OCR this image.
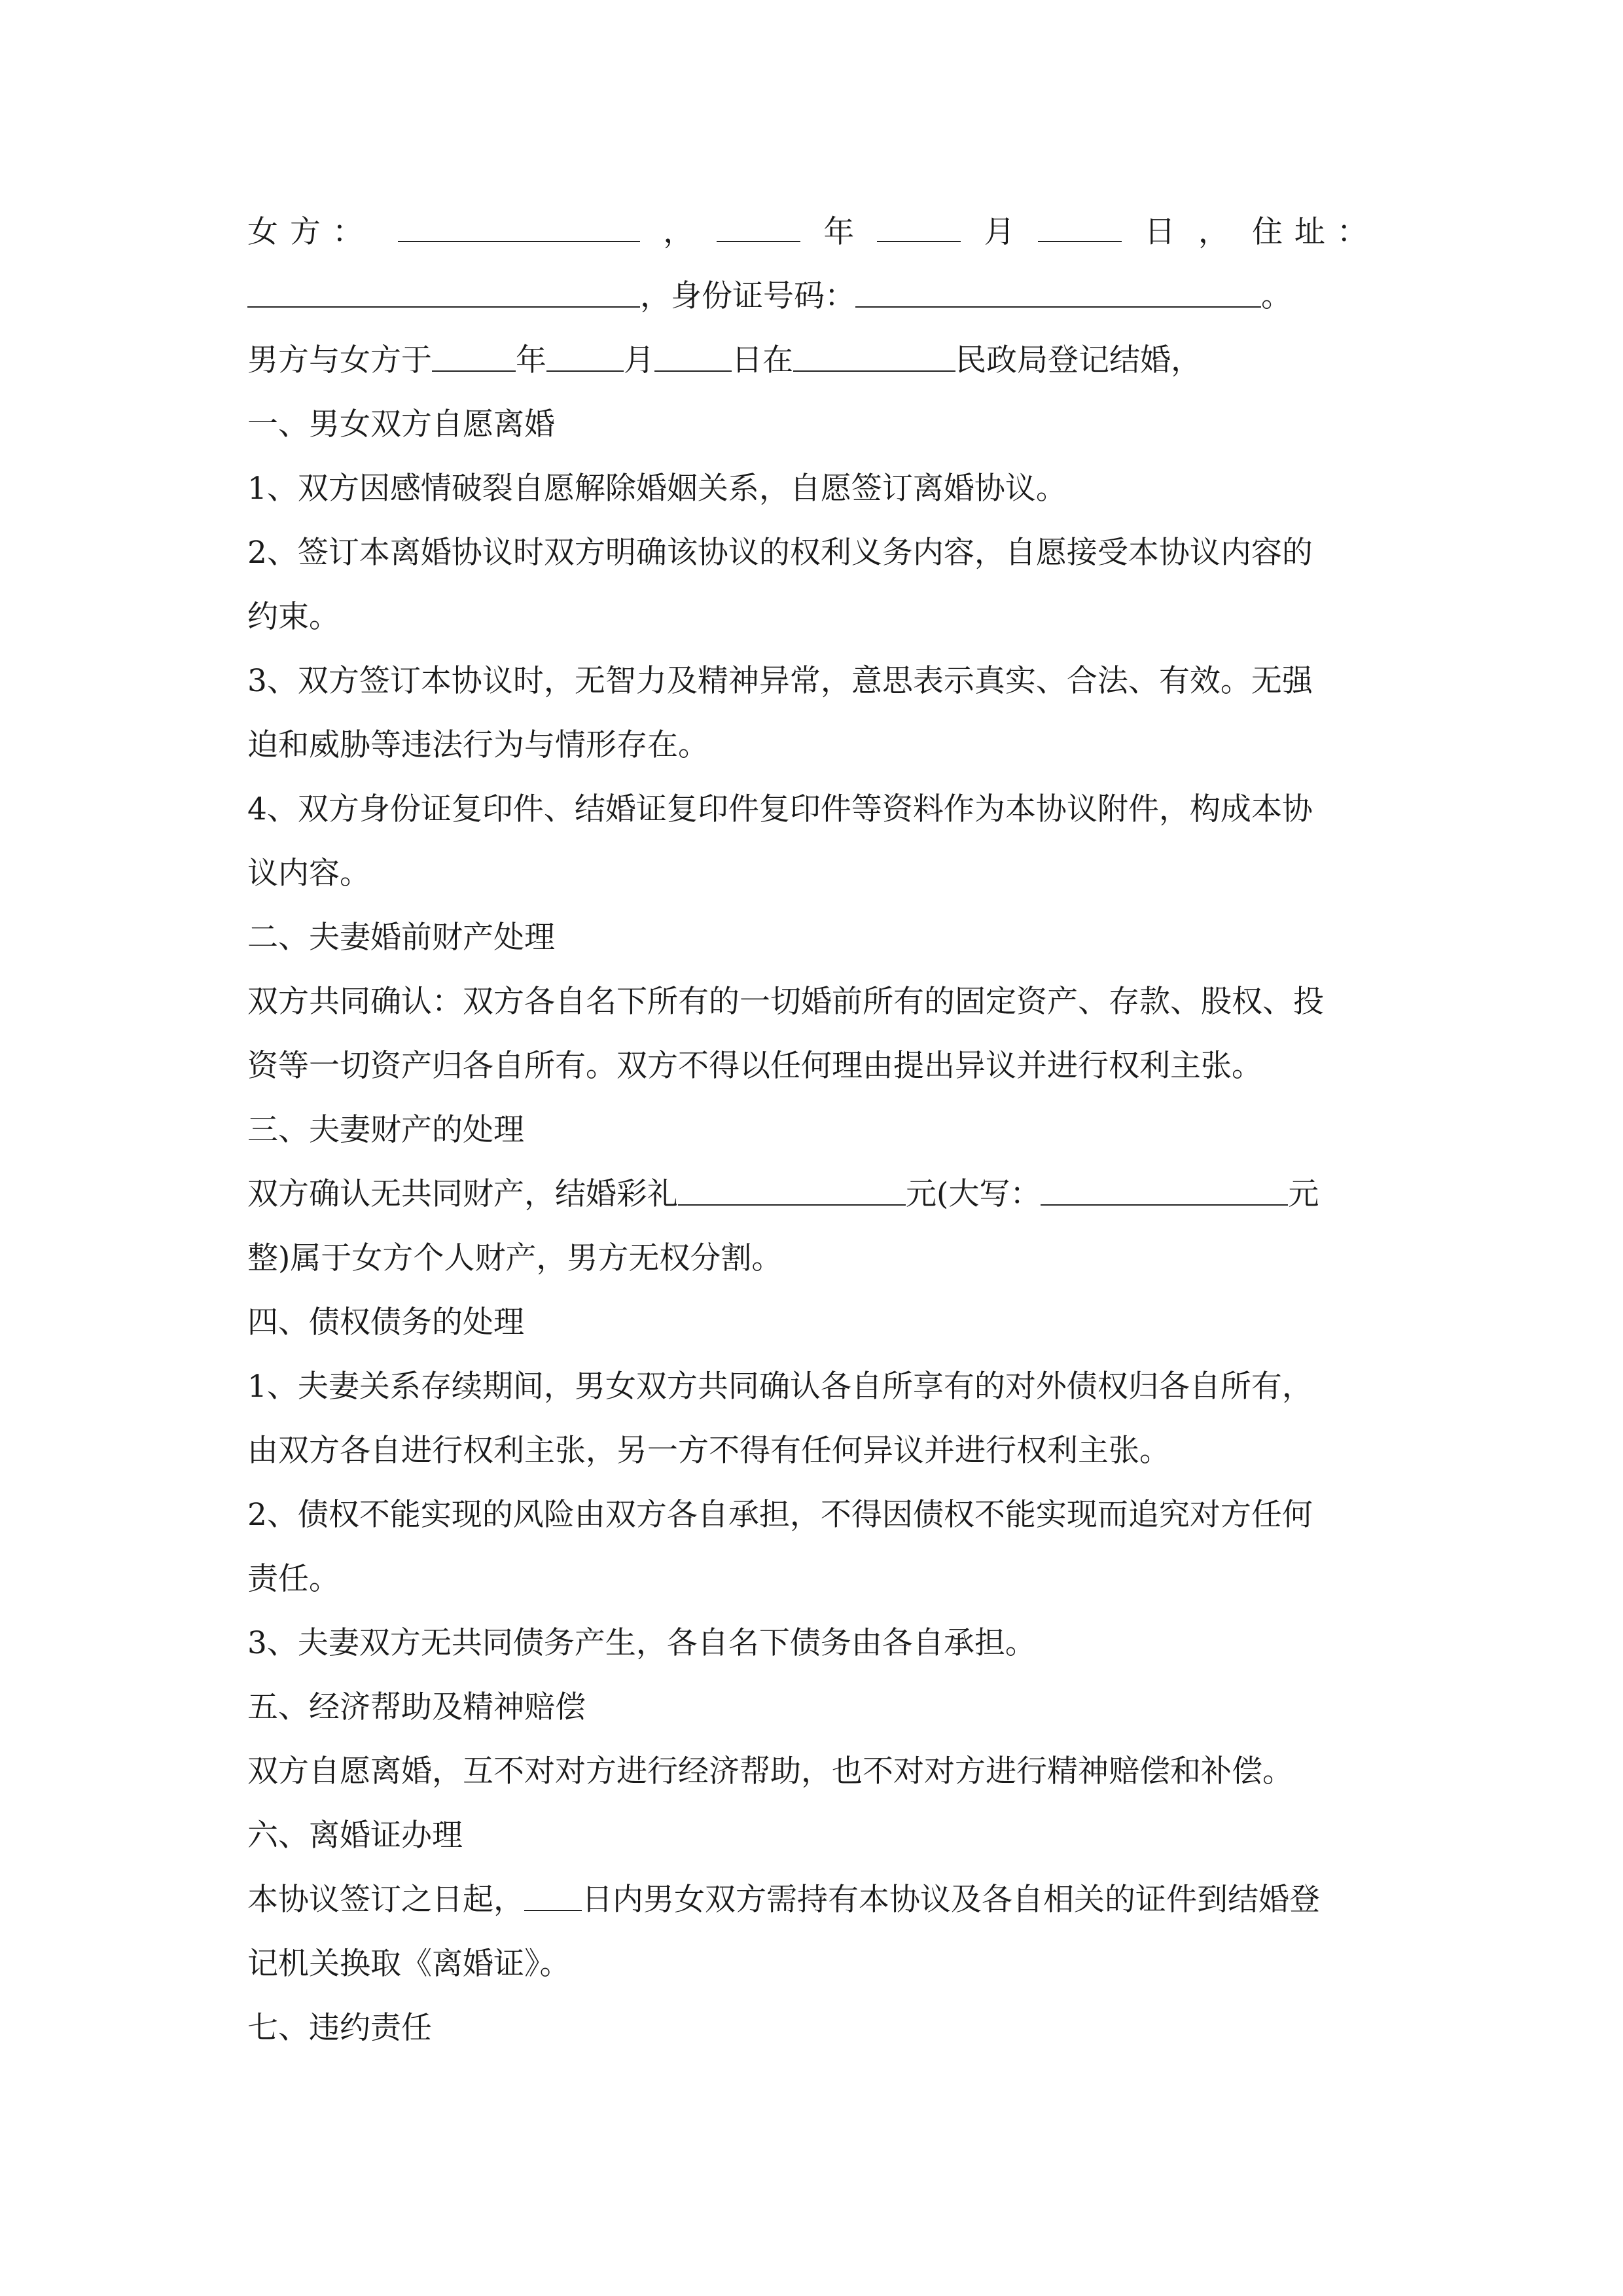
女方：	，	年	月	日 ， 住址：
，身份证号码：	。
男方与女方于	年	月	日在	民政局登记结婚，
一、男女双方自愿离婚
1、双方因感情破裂自愿解除婚姻关系，自愿签订离婚协议。
2、签订本离婚协议时双方明确该协议的权利义务内容，自愿接受本协议内容的
约束。
3、双方签订本协议时，无智力及精神异常，意思表示真实、合法、有效。无强
迫和威胁等违法行为与情形存在。
4、双方身份证复印件、结婚证复印件复印件等资料作为本协议附件，构成本协
议内容。
二、夫妻婚前财产处理
双方共同确认：双方各自名下所有的一切婚前所有的固定资产、存款、股权、投
资等一切资产归各自所有。双方不得以任何理由提出异议并进行权利主张。
三、夫妻财产的处理
双方确认无共同财产，结婚彩礼	元(大写：	元
整)属于女方个人财产，男方无权分割。
四、债权债务的处理
1、夫妻关系存续期间，男女双方共同确认各自所享有的对外债权归各自所有，
由双方各自进行权利主张，另一方不得有任何异议并进行权利主张。
2、债权不能实现的风险由双方各自承担，不得因债权不能实现而追究对方任何
责任。
3、夫妻双方无共同债务产生，各自名下债务由各自承担。
五、经济帮助及精神赔偿
双方自愿离婚，互不对对方进行经济帮助，也不对对方进行精神赔偿和补偿。
六、离婚证办理
本协议签订之日起， 日内男女双方需持有本协议及各自相关的证件到结婚登
记机关换取《离婚证》。
七、违约责任
